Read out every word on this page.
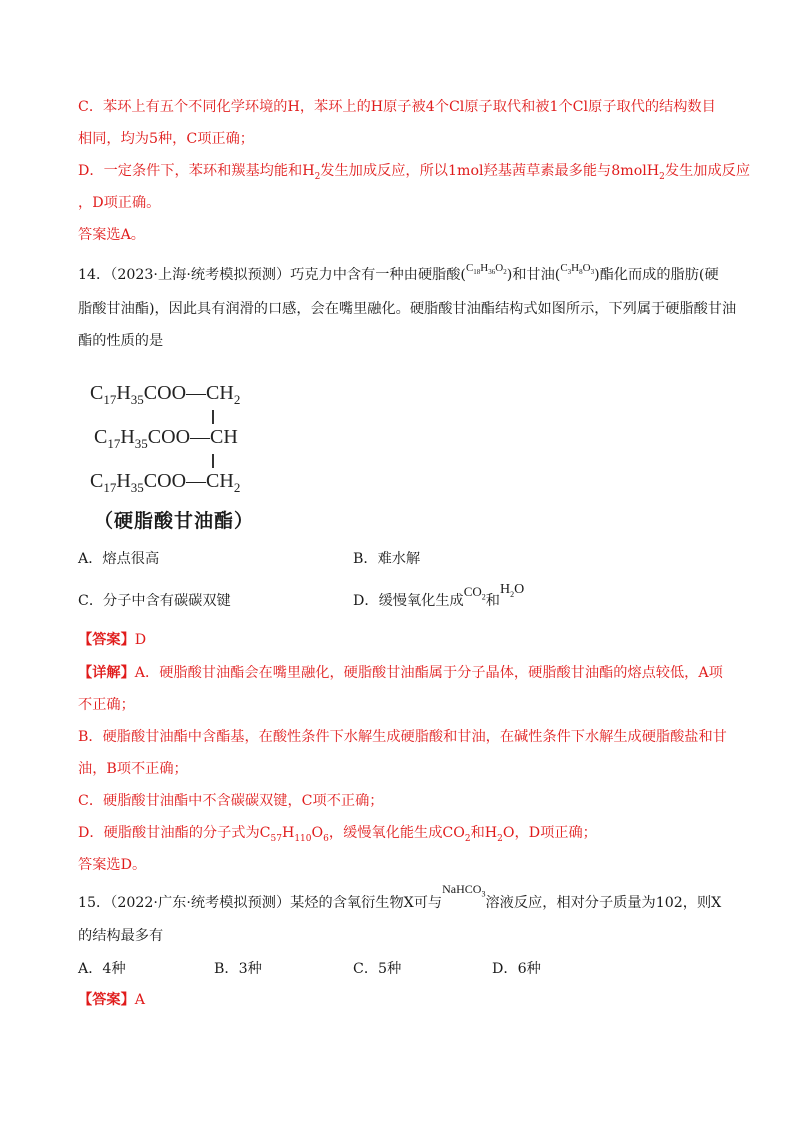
C．苯环上有五个不同化学环境的H，苯环上的H原子被4个Cl原子取代和被1个Cl原子取代的结构数目
相同，均为5种，C项正确；
D．一定条件下，苯环和羰基均能和$H_2$发生加成反应，所以1mol羟基茜草素最多能与8molH$_2$发生加成反应
，D项正确。
答案选A。
14．（2023·上海·统考模拟预测）巧克力中含有一种由硬脂酸$(C_{18}H_{36}O_2)$和甘油$(C_3H_8O_3)$酯化而成的脂肪(硬
脂酸甘油酯)，因此具有润滑的口感，会在嘴里融化。硬脂酸甘油酯结构式如图所示，下列属于硬脂酸甘油
酯的性质的是
$C_{17}H_{35}COO—CH_2$
$C_{17}H_{35}COO—CH$
$C_{17}H_{35}COO—CH_2$
（硬脂酸甘油酯）
A．熔点很高	B．难水解
C．分子中含有碳碳双键	D．缓慢氧化生成$CO_2$和$H_2O$
【答案】D
【详解】A．硬脂酸甘油酯会在嘴里融化，硬脂酸甘油酯属于分子晶体，硬脂酸甘油酯的熔点较低，A项
不正确；
B．硬脂酸甘油酯中含酯基，在酸性条件下水解生成硬脂酸和甘油，在碱性条件下水解生成硬脂酸盐和甘
油，B项不正确；
C．硬脂酸甘油酯中不含碳碳双键，C项不正确；
D．硬脂酸甘油酯的分子式为$C_{57}H_{110}O_6$，缓慢氧化能生成$CO_2$和$H_2O$，D项正确；
答案选D。
15．（2022·广东·统考模拟预测）某烃的含氧衍生物X可与$^{NaHCO_3}$溶液反应，相对分子质量为102，则X
的结构最多有
A．4种	B．3种	C．5种	D．6种
【答案】A
